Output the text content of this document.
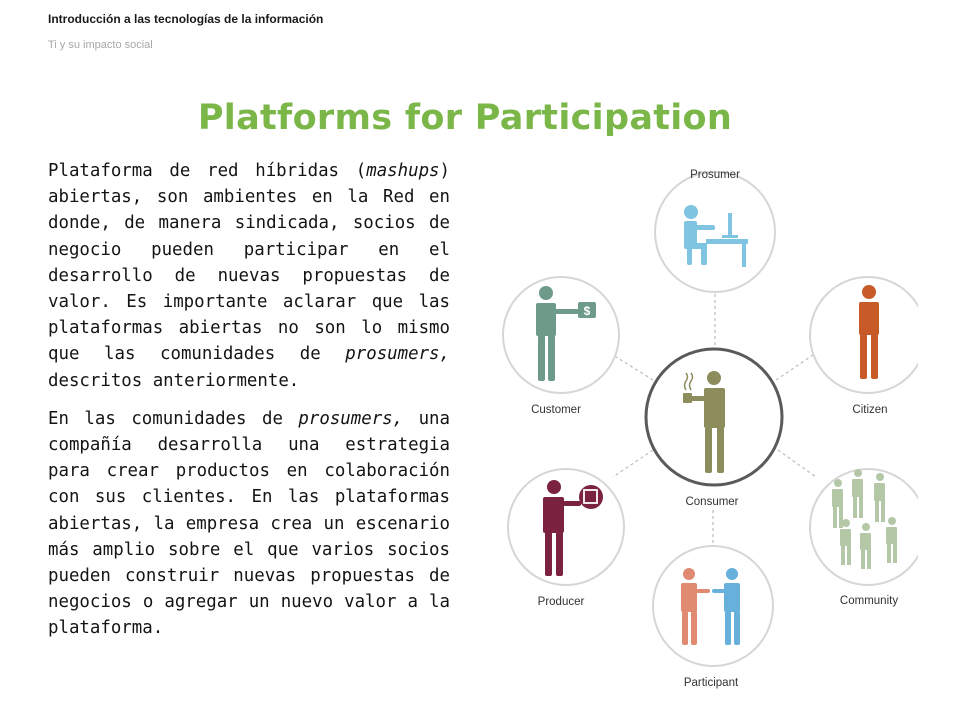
Introducción a las tecnologías de la información
Ti y su impacto social
Platforms for Participation

Plataforma de red híbridas (mashups) abiertas, son ambientes en la Red en donde, de manera sindicada, socios de negocio pueden participar en el desarrollo de nuevas propuestas de valor. Es importante aclarar que las plataformas abiertas no son lo mismo que las comunidades de prosumers, descritos anteriormente.

En las comunidades de prosumers, una compañía desarrolla una estrategia para crear productos en colaboración con sus clientes. En las plataformas abiertas, la empresa crea un escenario más amplio sobre el que varios socios pueden construir nuevas propuestas de negocios o agregar un nuevo valor a la plataforma.

Prosumer
$
Customer	Citizen
Consumer
Producer	Community
Participant
